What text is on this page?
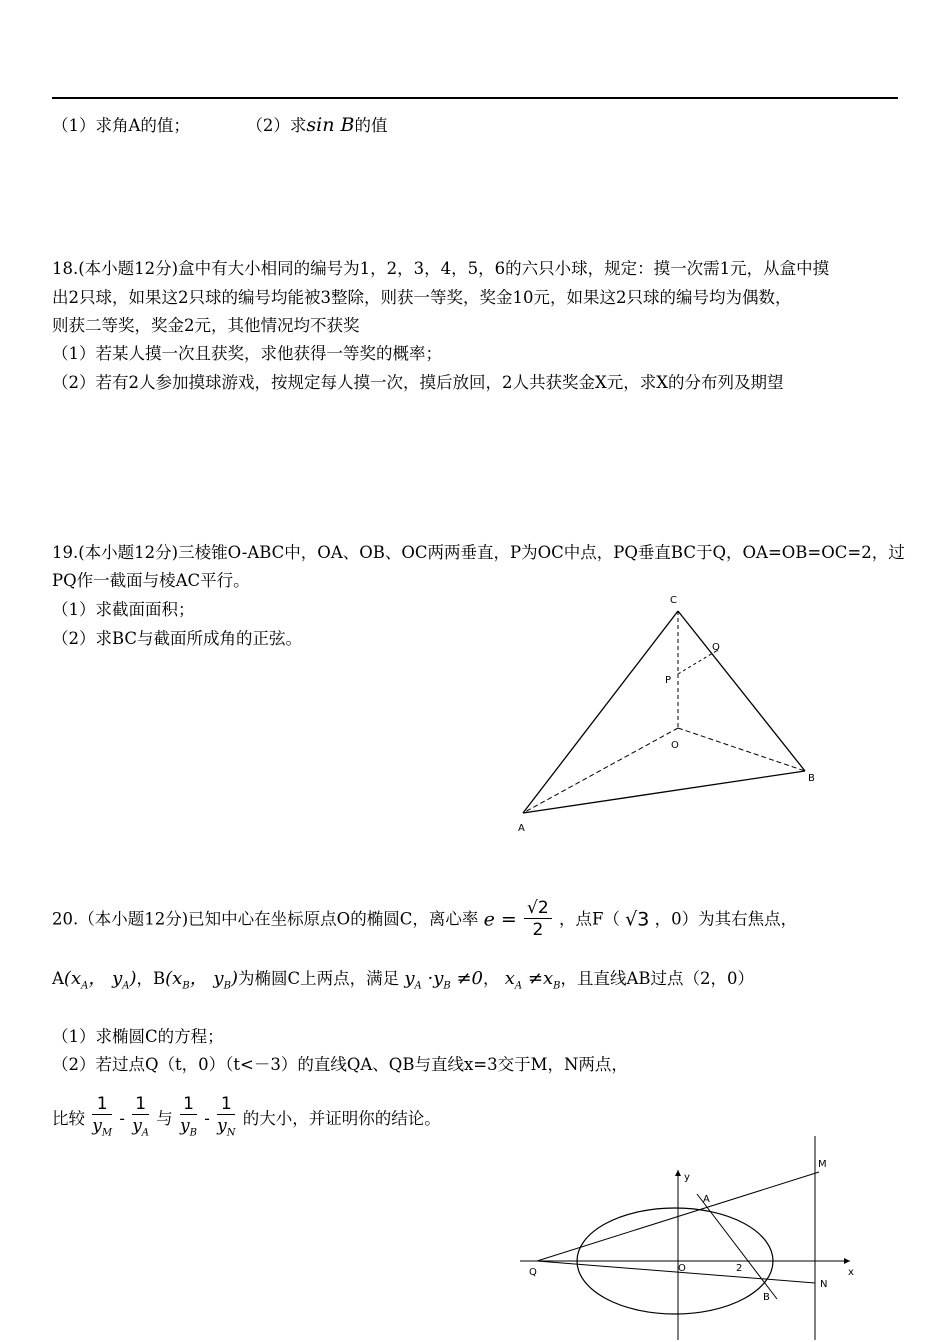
（1）求角A的值；	（2）求sin B的值
18.(本小题12分)盒中有大小相同的编号为1，2，3，4，5，6的六只小球，规定：摸一次需1元，从盒中摸
出2只球，如果这2只球的编号均能被3整除，则获一等奖，奖金10元，如果这2只球的编号均为偶数，
则获二等奖，奖金2元，其他情况均不获奖
（1）若某人摸一次且获奖，求他获得一等奖的概率；
（2）若有2人参加摸球游戏，按规定每人摸一次，摸后放回，2人共获奖金X元，求X的分布列及期望
19.(本小题12分)三棱锥O-ABC中，OA、OB、OC两两垂直，P为OC中点，PQ垂直BC于Q，OA=OB=OC=2，过
PQ作一截面与棱AC平行。
（1）求截面面积；
（2）求BC与截面所成角的正弦。
C
Q
P
O
B
A
20.（本小题12分)已知中心在坐标原点O的椭圆C，离心率 $e = \frac{√2}{2}$ ，点F（ √3 ，0）为其右焦点，
$A(x_A$， $y_A$)，$B(x_B$， $y_B$)为椭圆C上两点，满足 $y_A \cdot y_B \ne 0$， $x_A \ne x_B$，且直线AB过点（2，0）
（1）求椭圆C的方程；
（2）若过点Q（t，0）（t<－3）的直线QA、QB与直线x=3交于M，N两点，
比较 $\frac{1}{y_M} - \frac{1}{y_A}$ 与 $\frac{1}{y_B} - \frac{1}{y_N}$ 的大小，并证明你的结论。
y
x
M
A
Q	O	2
N
B
